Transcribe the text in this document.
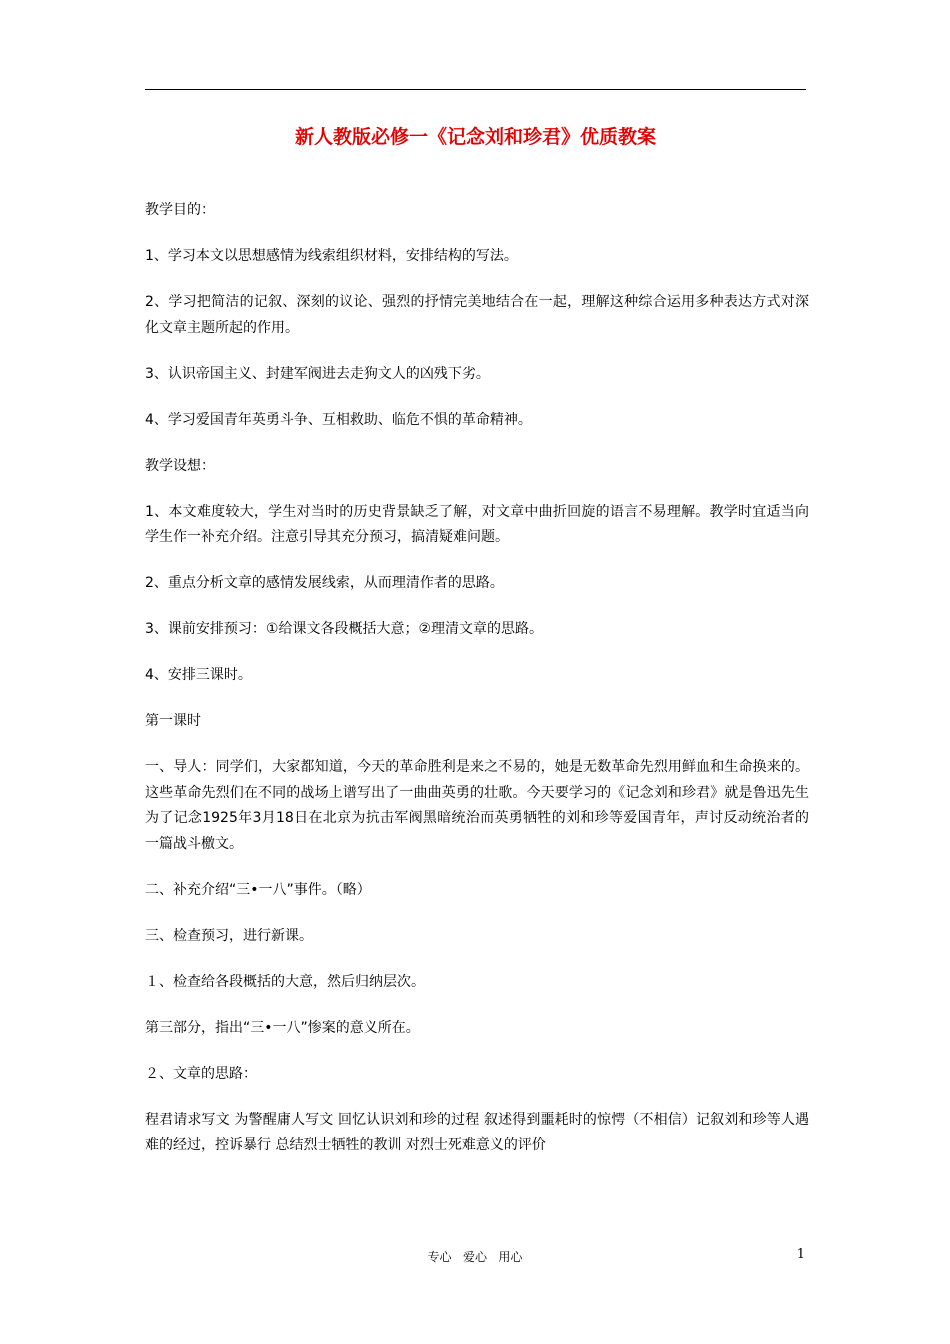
新人教版必修一《记念刘和珍君》优质教案

教学目的：

1、学习本文以思想感情为线索组织材料，安排结构的写法。

2、学习把简洁的记叙、深刻的议论、强烈的抒情完美地结合在一起，理解这种综合运用多种表达方式对深化文章主题所起的作用。

3、认识帝国主义、封建军阀进去走狗文人的凶残下劣。

4、学习爱国青年英勇斗争、互相救助、临危不惧的革命精神。

教学设想：

1、本文难度较大，学生对当时的历史背景缺乏了解，对文章中曲折回旋的语言不易理解。教学时宜适当向学生作一补充介绍。注意引导其充分预习，搞清疑难问题。

2、重点分析文章的感情发展线索，从而理清作者的思路。

3、课前安排预习：①给课文各段概括大意；②理清文章的思路。

4、安排三课时。

第一课时

一、导人：同学们，大家都知道，今天的革命胜利是来之不易的，她是无数革命先烈用鲜血和生命换来的。这些革命先烈们在不同的战场上谱写出了一曲曲英勇的壮歌。今天要学习的《记念刘和珍君》就是鲁迅先生为了记念1925年3月18日在北京为抗击军阀黑暗统治而英勇牺牲的刘和珍等爱国青年，声讨反动统治者的一篇战斗檄文。

二、补充介绍“三•一八”事件。（略）

三、检查预习，进行新课。

１、检查给各段概括的大意，然后归纳层次。

第三部分，指出“三•一八”惨案的意义所在。

２、文章的思路：

程君请求写文 为警醒庸人写文 回忆认识刘和珍的过程 叙述得到噩耗时的惊愕（不相信）记叙刘和珍等人遇难的经过，控诉暴行 总结烈士牺牲的教训 对烈士死难意义的评价

专心   爱心   用心	1
